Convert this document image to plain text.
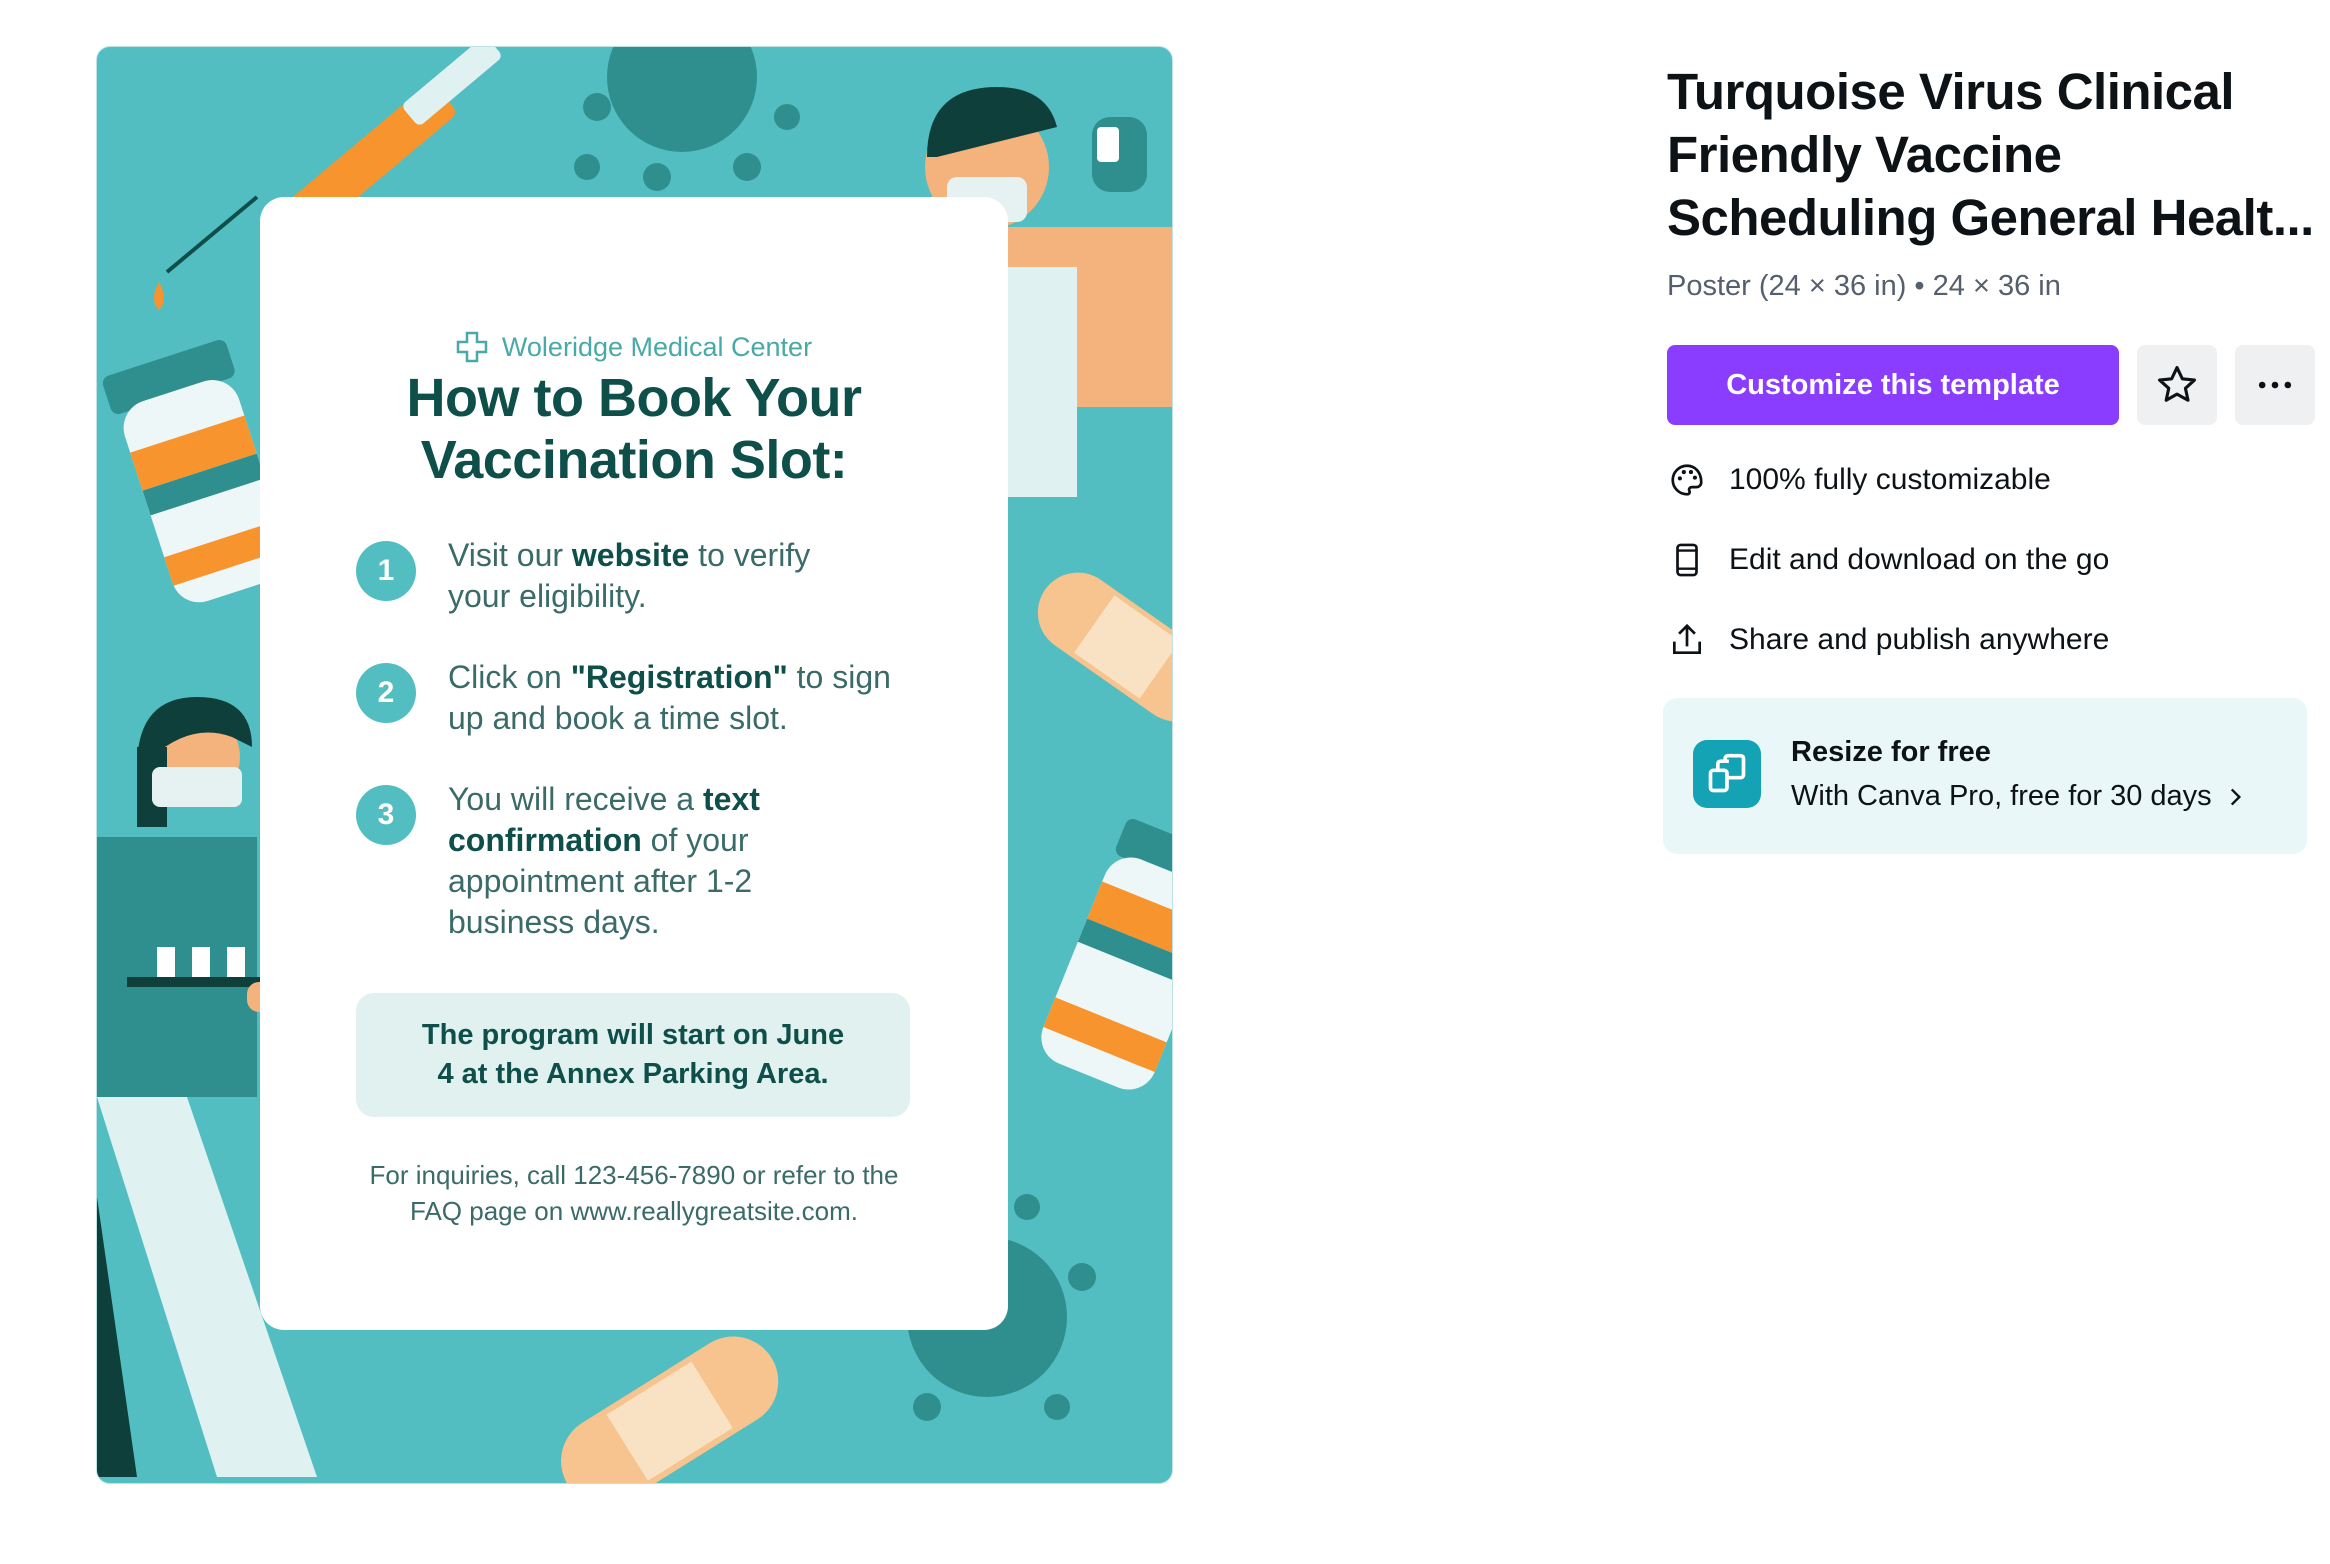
Woleridge Medical Center
How to Book Your
Vaccination Slot:
1	Visit our website to verify
your eligibility.
2	Click on "Registration" to sign
up and book a time slot.
3	You will receive a text
confirmation of your
appointment after 1-2
business days.
The program will start on June
4 at the Annex Parking Area.
For inquiries, call 123-456-7890 or refer to the
FAQ page on www.reallygreatsite.com.
Turquoise Virus Clinical Friendly Vaccine Scheduling General Healt...
Poster (24 × 36 in) • 24 × 36 in
Customize this template
100% fully customizable
Edit and download on the go
Share and publish anywhere
Resize for free
With Canva Pro, free for 30 days
